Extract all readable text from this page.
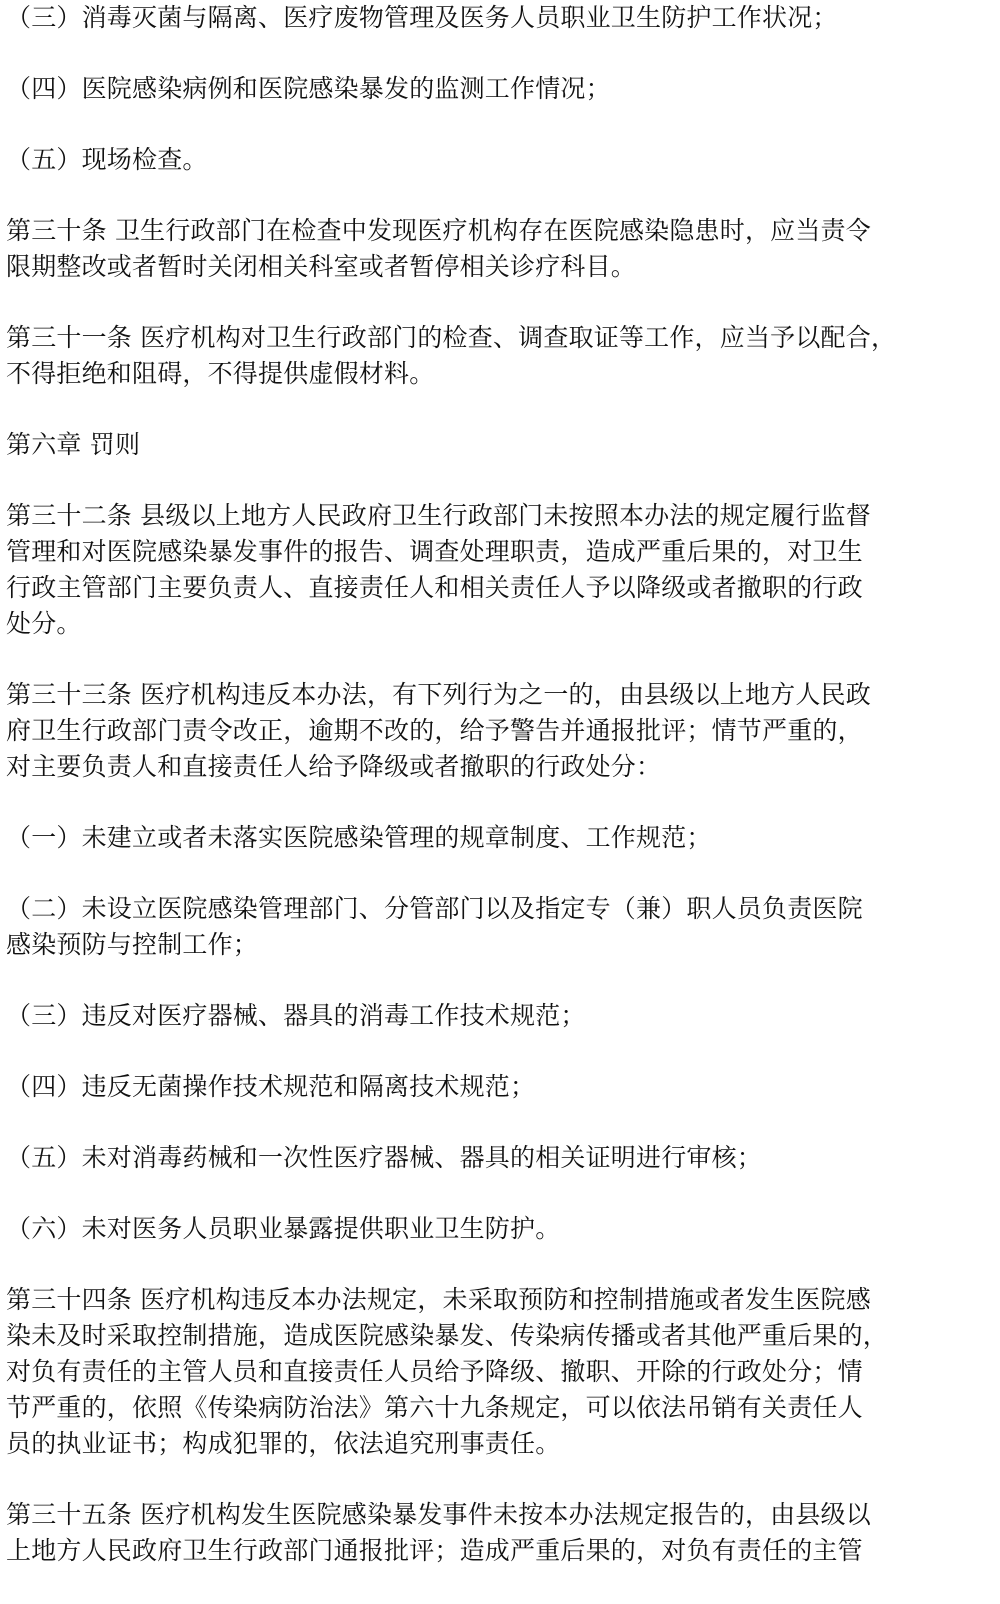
（三）消毒灭菌与隔离、医疗废物管理及医务人员职业卫生防护工作状况；
（四）医院感染病例和医院感染暴发的监测工作情况；
（五）现场检查。
第三十条 卫生行政部门在检查中发现医疗机构存在医院感染隐患时，应当责令
限期整改或者暂时关闭相关科室或者暂停相关诊疗科目。
第三十一条 医疗机构对卫生行政部门的检查、调查取证等工作，应当予以配合，
不得拒绝和阻碍，不得提供虚假材料。
第六章 罚则
第三十二条 县级以上地方人民政府卫生行政部门未按照本办法的规定履行监督
管理和对医院感染暴发事件的报告、调查处理职责，造成严重后果的，对卫生
行政主管部门主要负责人、直接责任人和相关责任人予以降级或者撤职的行政
处分。
第三十三条 医疗机构违反本办法，有下列行为之一的，由县级以上地方人民政
府卫生行政部门责令改正，逾期不改的，给予警告并通报批评；情节严重的，
对主要负责人和直接责任人给予降级或者撤职的行政处分：
（一）未建立或者未落实医院感染管理的规章制度、工作规范；
（二）未设立医院感染管理部门、分管部门以及指定专（兼）职人员负责医院
感染预防与控制工作；
（三）违反对医疗器械、器具的消毒工作技术规范；
（四）违反无菌操作技术规范和隔离技术规范；
（五）未对消毒药械和一次性医疗器械、器具的相关证明进行审核；
（六）未对医务人员职业暴露提供职业卫生防护。
第三十四条 医疗机构违反本办法规定，未采取预防和控制措施或者发生医院感
染未及时采取控制措施，造成医院感染暴发、传染病传播或者其他严重后果的，
对负有责任的主管人员和直接责任人员给予降级、撤职、开除的行政处分；情
节严重的，依照《传染病防治法》第六十九条规定，可以依法吊销有关责任人
员的执业证书；构成犯罪的，依法追究刑事责任。
第三十五条 医疗机构发生医院感染暴发事件未按本办法规定报告的，由县级以
上地方人民政府卫生行政部门通报批评；造成严重后果的，对负有责任的主管
